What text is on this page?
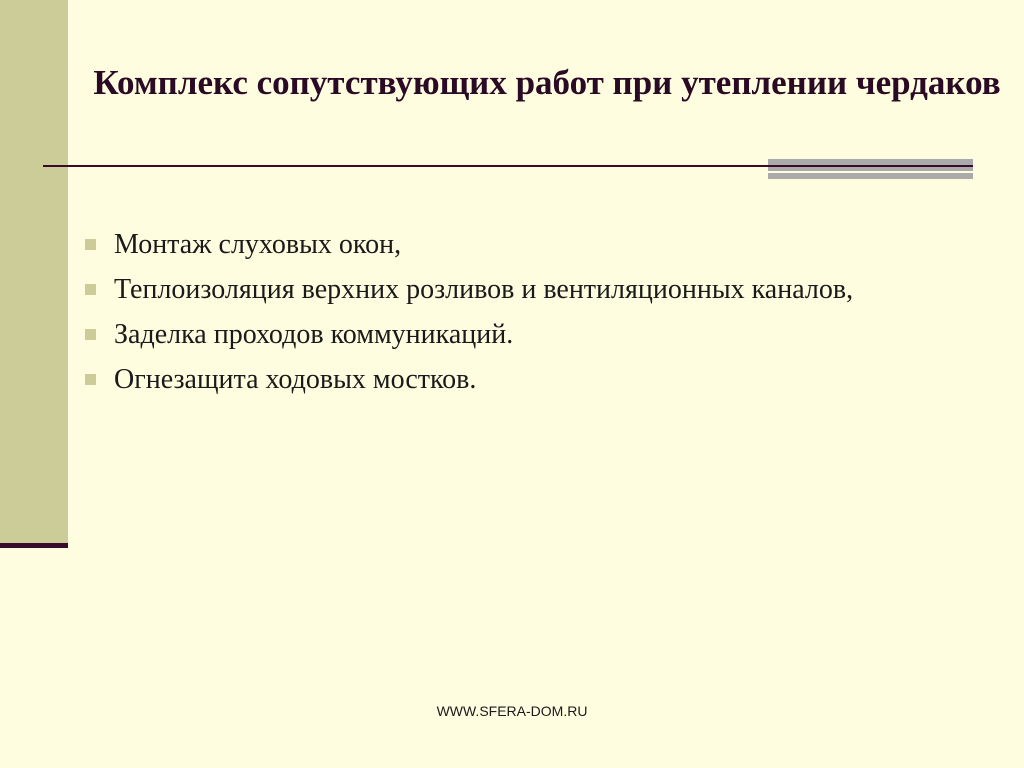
Комплекс сопутствующих работ при утеплении чердаков
Монтаж слуховых окон,
Теплоизоляция верхних розливов и вентиляционных каналов,
Заделка проходов коммуникаций.
Огнезащита ходовых мостков.
WWW.SFERA-DOM.RU
